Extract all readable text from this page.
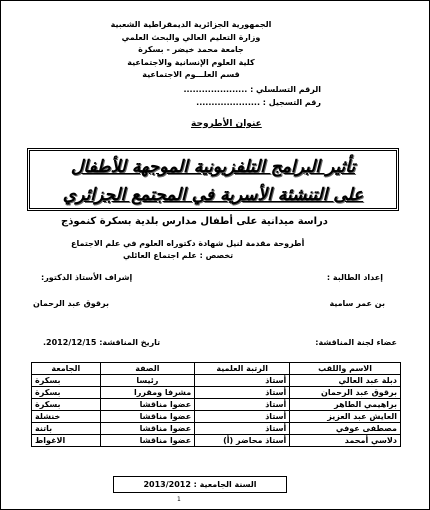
الجمهورية الجزائرية الديمقراطية الشعبية
وزارة التعليم العالي والبحث العلمي
جامعة محمد خيضر - بسكرة
كلية العلوم الإنسانية والاجتماعية
قسم العلـــوم الاجتماعية
الرقم التسلسلي : .....................
رقم التسجيل : .....................
عنوان الأطروحة
تأثير البرامج التلفزيونية الموجهة للأطفال
على التنشئة الأسرية في المجتمع الجزائري
دراسة ميدانية على أطفال مدارس بلدية بسكرة كنموذج
أطروحة مقدمة لنيل شهادة دكتوراه العلوم في علم الاجتماع
تخصص : علم اجتماع العائلي
إعداد الطالبة :
إشراف الأستاذ الدكتور:
بن عمر سامية
برقوق عبد الرحمان
عضاء لجنة المناقشة:
تاريخ المناقشة: 2012/12/15.
الاسم واللقب	الرتبة العلمية	الصفة	الجامعة
دبلة عبد العالي	أستاذ	رئيسا	بسكرة
برقوق عبد الرحمان	أستاذ	مشرفا ومقررا	بسكرة
براهيمي الطاهر	أستاذ	عضوا مناقشا	بسكرة
العايش عبد العزيز	أستاذ	عضوا مناقشا	خنشلة
مصطفى عوفي	أستاذ	عضوا مناقشا	باتنة
دلاسي أمحمد	أستاذ محاضر (أ)	عضوا مناقشا	الاغواط
السنة الجامعية : 2013/2012
1
